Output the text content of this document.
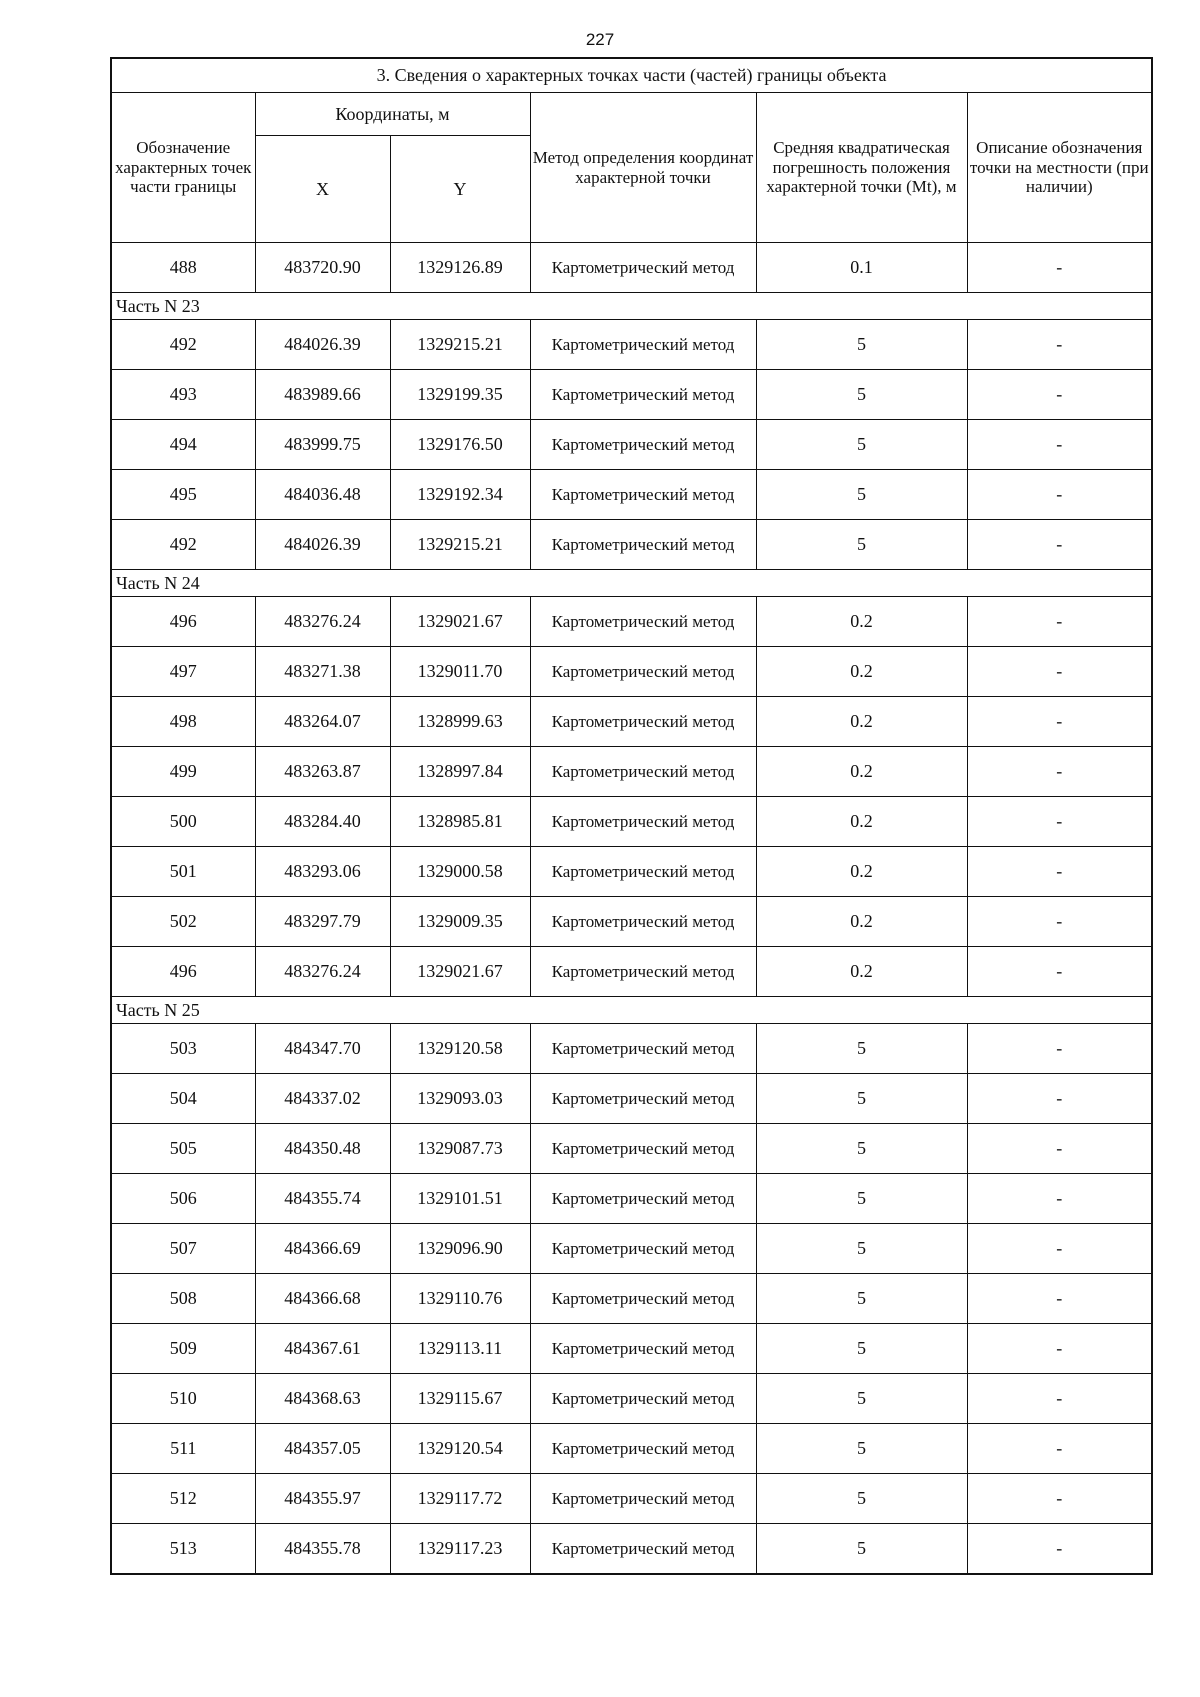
227
3. Сведения о характерных точках части (частей) границы объекта					
Обозначение характерных точек части границы	Координаты, м		Метод определения координат характерной точки	Средняя квадратическая погрешность положения характерной точки (Mt), м	Описание обозначения точки на местности (при наличии)
	X	Y			
488	483720.90	1329126.89	Картометрический метод	0.1	-
Часть N 23					
492	484026.39	1329215.21	Картометрический метод	5	-
493	483989.66	1329199.35	Картометрический метод	5	-
494	483999.75	1329176.50	Картометрический метод	5	-
495	484036.48	1329192.34	Картометрический метод	5	-
492	484026.39	1329215.21	Картометрический метод	5	-
Часть N 24					
496	483276.24	1329021.67	Картометрический метод	0.2	-
497	483271.38	1329011.70	Картометрический метод	0.2	-
498	483264.07	1328999.63	Картометрический метод	0.2	-
499	483263.87	1328997.84	Картометрический метод	0.2	-
500	483284.40	1328985.81	Картометрический метод	0.2	-
501	483293.06	1329000.58	Картометрический метод	0.2	-
502	483297.79	1329009.35	Картометрический метод	0.2	-
496	483276.24	1329021.67	Картометрический метод	0.2	-
Часть N 25					
503	484347.70	1329120.58	Картометрический метод	5	-
504	484337.02	1329093.03	Картометрический метод	5	-
505	484350.48	1329087.73	Картометрический метод	5	-
506	484355.74	1329101.51	Картометрический метод	5	-
507	484366.69	1329096.90	Картометрический метод	5	-
508	484366.68	1329110.76	Картометрический метод	5	-
509	484367.61	1329113.11	Картометрический метод	5	-
510	484368.63	1329115.67	Картометрический метод	5	-
511	484357.05	1329120.54	Картометрический метод	5	-
512	484355.97	1329117.72	Картометрический метод	5	-
513	484355.78	1329117.23	Картометрический метод	5	-
